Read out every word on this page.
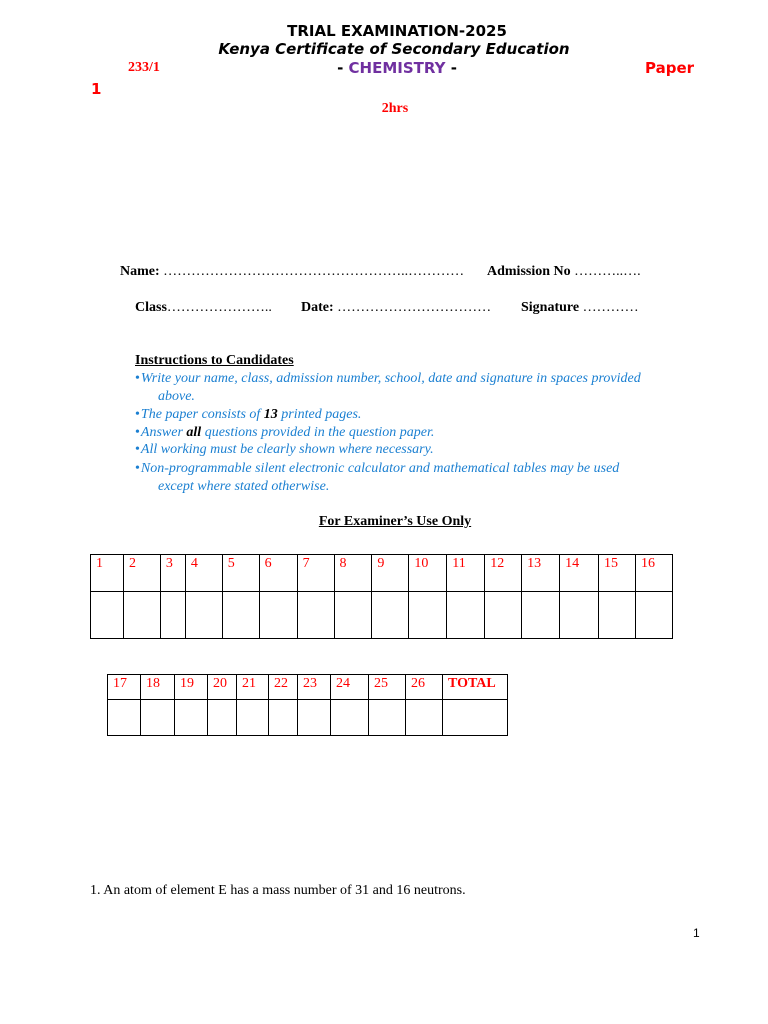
TRIAL EXAMINATION-2025
Kenya Certificate of Secondary Education
233/1	- CHEMISTRY -	Paper
1
2hrs
Name: ……………………………………………..………… Admission No ………..….
Class………………….. Date: …………………………… Signature …………
Instructions to Candidates
•Write your name, class, admission number, school, date and signature in spaces provided
above.
•The paper consists of 13 printed pages.
•Answer all questions provided in the question paper.
•All working must be clearly shown where necessary.
•Non-programmable silent electronic calculator and mathematical tables may be used
except where stated otherwise.
For Examiner’s Use Only
1	2	3	4	5	6	7	8	9	10	11	12	13	14	15	16

17	18	19	20	21	22	23	24	25	26	TOTAL

1. An atom of element E has a mass number of 31 and 16 neutrons.
1
